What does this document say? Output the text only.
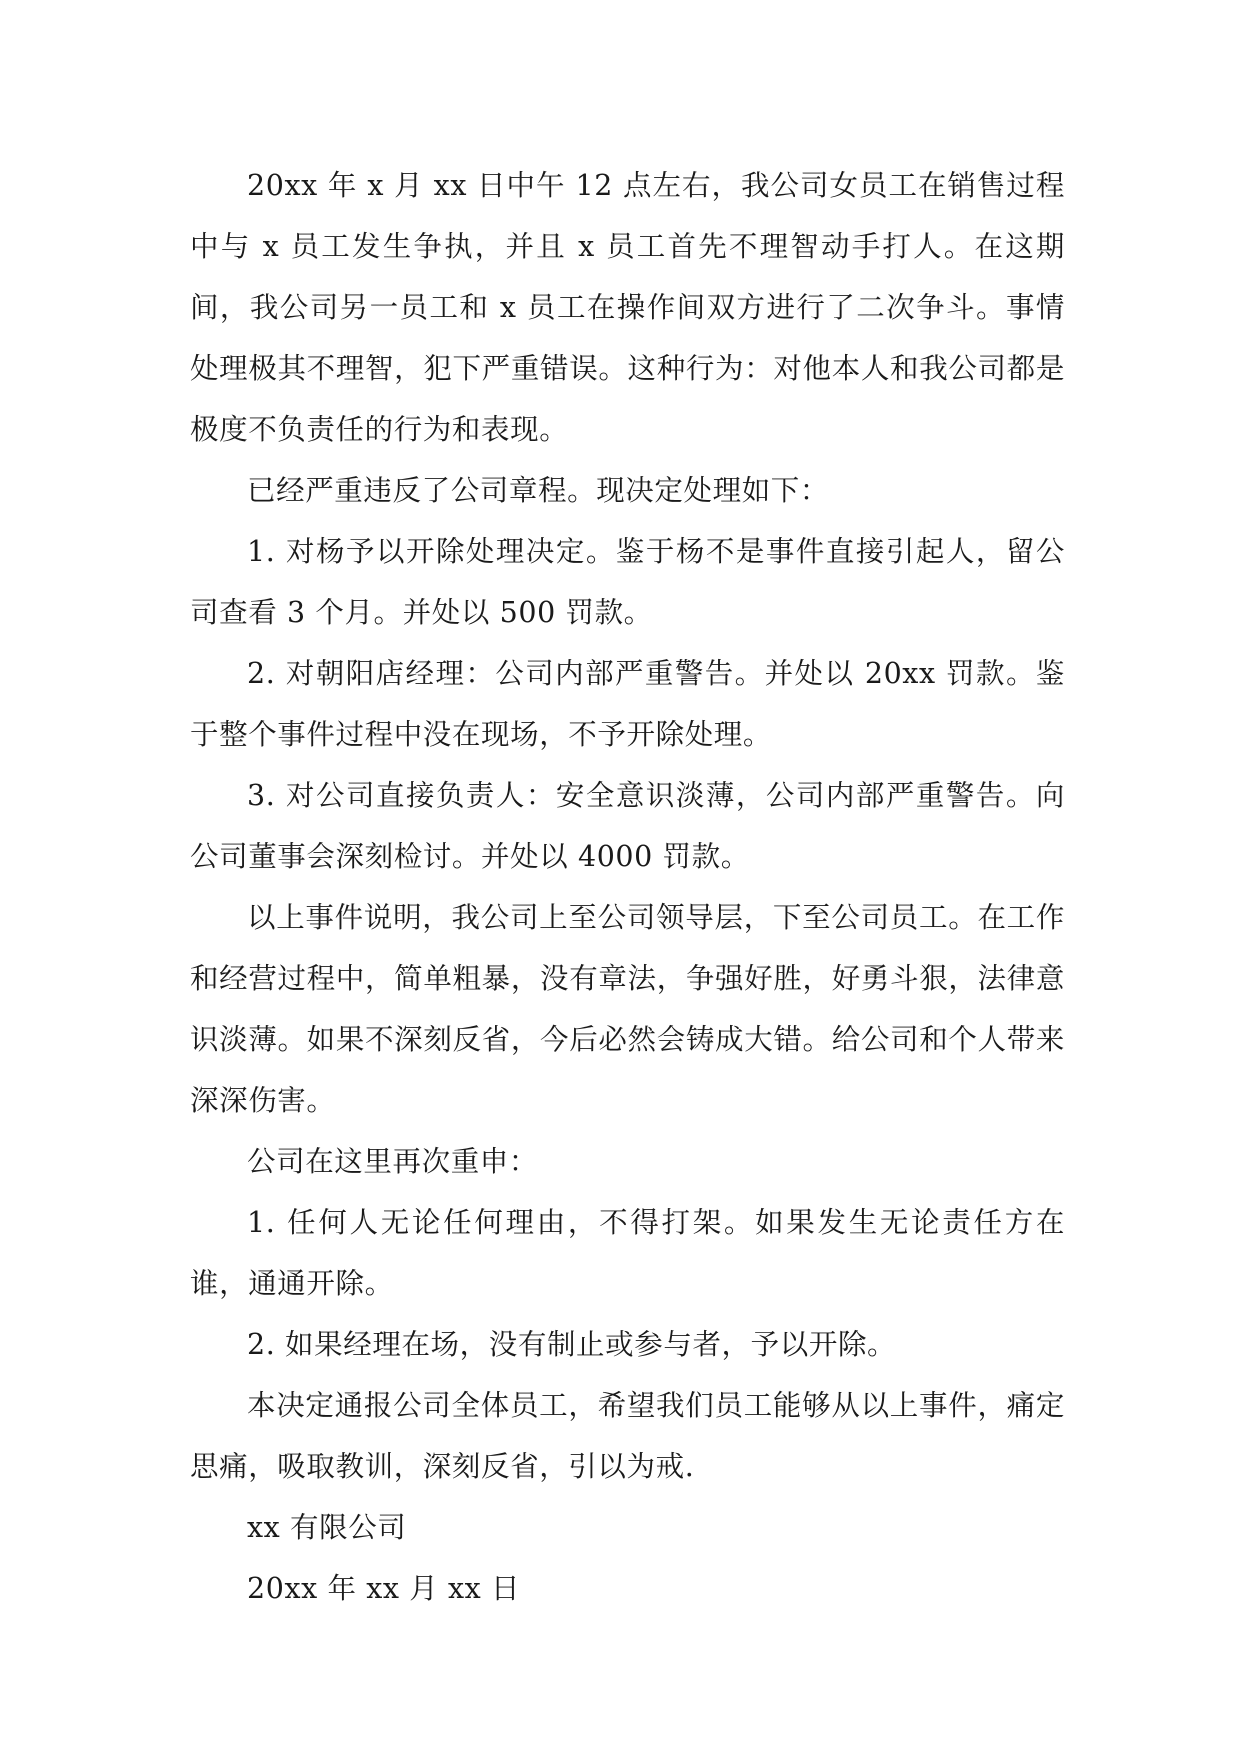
20xx 年 x 月 xx 日中午 12 点左右，我公司女员工在销售过程中与 x 员工发生争执，并且 x 员工首先不理智动手打人。在这期间，我公司另一员工和 x 员工在操作间双方进行了二次争斗。事情处理极其不理智，犯下严重错误。这种行为：对他本人和我公司都是极度不负责任的行为和表现。

已经严重违反了公司章程。现决定处理如下：

1. 对杨予以开除处理决定。鉴于杨不是事件直接引起人，留公司查看 3 个月。并处以 500 罚款。

2. 对朝阳店经理：公司内部严重警告。并处以 20xx 罚款。鉴于整个事件过程中没在现场，不予开除处理。

3. 对公司直接负责人：安全意识淡薄，公司内部严重警告。向公司董事会深刻检讨。并处以 4000 罚款。

以上事件说明，我公司上至公司领导层，下至公司员工。在工作和经营过程中，简单粗暴，没有章法，争强好胜，好勇斗狠，法律意识淡薄。如果不深刻反省，今后必然会铸成大错。给公司和个人带来深深伤害。

公司在这里再次重申：

1. 任何人无论任何理由，不得打架。如果发生无论责任方在谁，通通开除。

2. 如果经理在场，没有制止或参与者，予以开除。

本决定通报公司全体员工，希望我们员工能够从以上事件，痛定思痛，吸取教训，深刻反省，引以为戒.

xx 有限公司

20xx 年 xx 月 xx 日
